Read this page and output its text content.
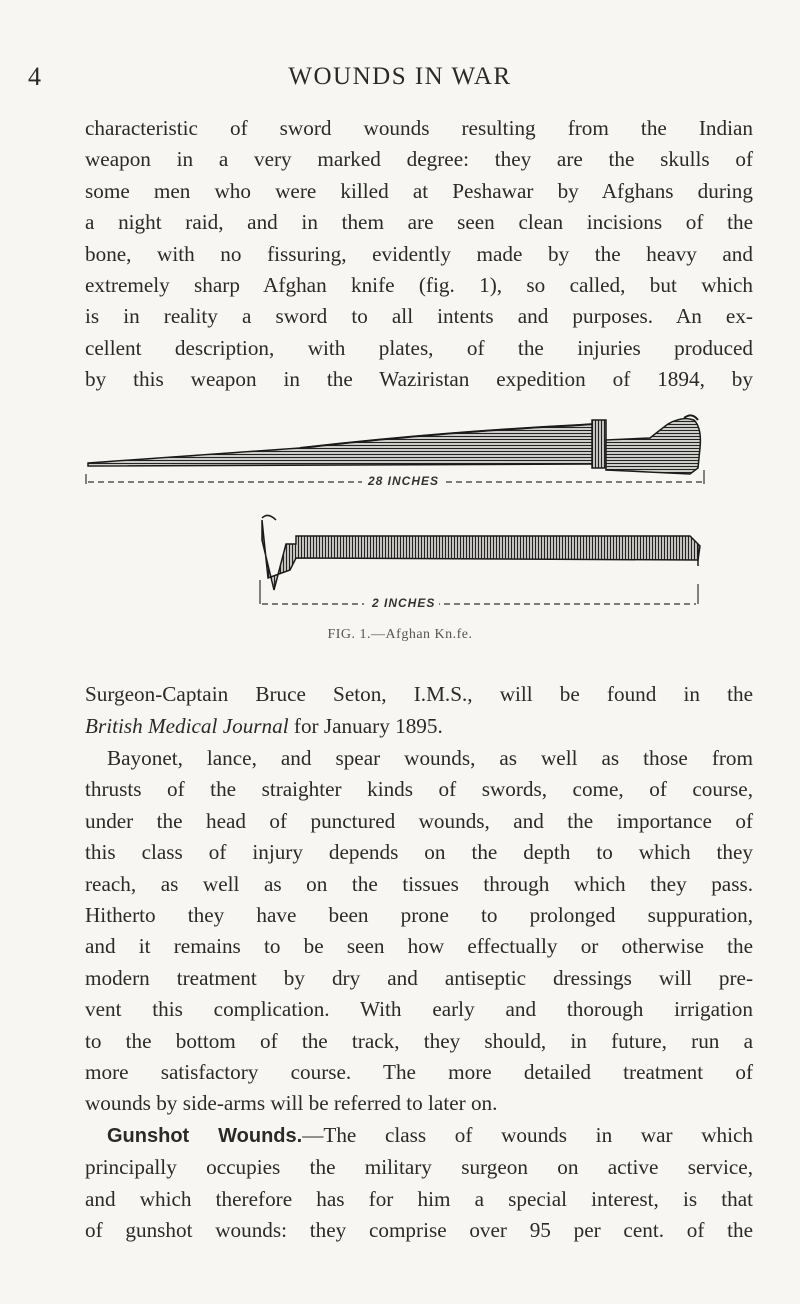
4	WOUNDS IN WAR
characteristic of sword wounds resulting from the Indian
weapon in a very marked degree: they are the skulls of
some men who were killed at Peshawar by Afghans during
a night raid, and in them are seen clean incisions of the
bone, with no fissuring, evidently made by the heavy and
extremely sharp Afghan knife (fig. 1), so called, but which
is in reality a sword to all intents and purposes. An ex-
cellent description, with plates, of the injuries produced
by this weapon in the Waziristan expedition of 1894, by
28 INCHES
2 INCHES
FIG. 1.—Afghan Kn.fe.
Surgeon-Captain Bruce Seton, I.M.S., will be found in the
British Medical Journal for January 1895.
Bayonet, lance, and spear wounds, as well as those from
thrusts of the straighter kinds of swords, come, of course,
under the head of punctured wounds, and the importance of
this class of injury depends on the depth to which they
reach, as well as on the tissues through which they pass.
Hitherto they have been prone to prolonged suppuration,
and it remains to be seen how effectually or otherwise the
modern treatment by dry and antiseptic dressings will pre-
vent this complication. With early and thorough irrigation
to the bottom of the track, they should, in future, run a
more satisfactory course. The more detailed treatment of
wounds by side-arms will be referred to later on.
Gunshot Wounds.—The class of wounds in war which
principally occupies the military surgeon on active service,
and which therefore has for him a special interest, is that
of gunshot wounds: they comprise over 95 per cent. of the
